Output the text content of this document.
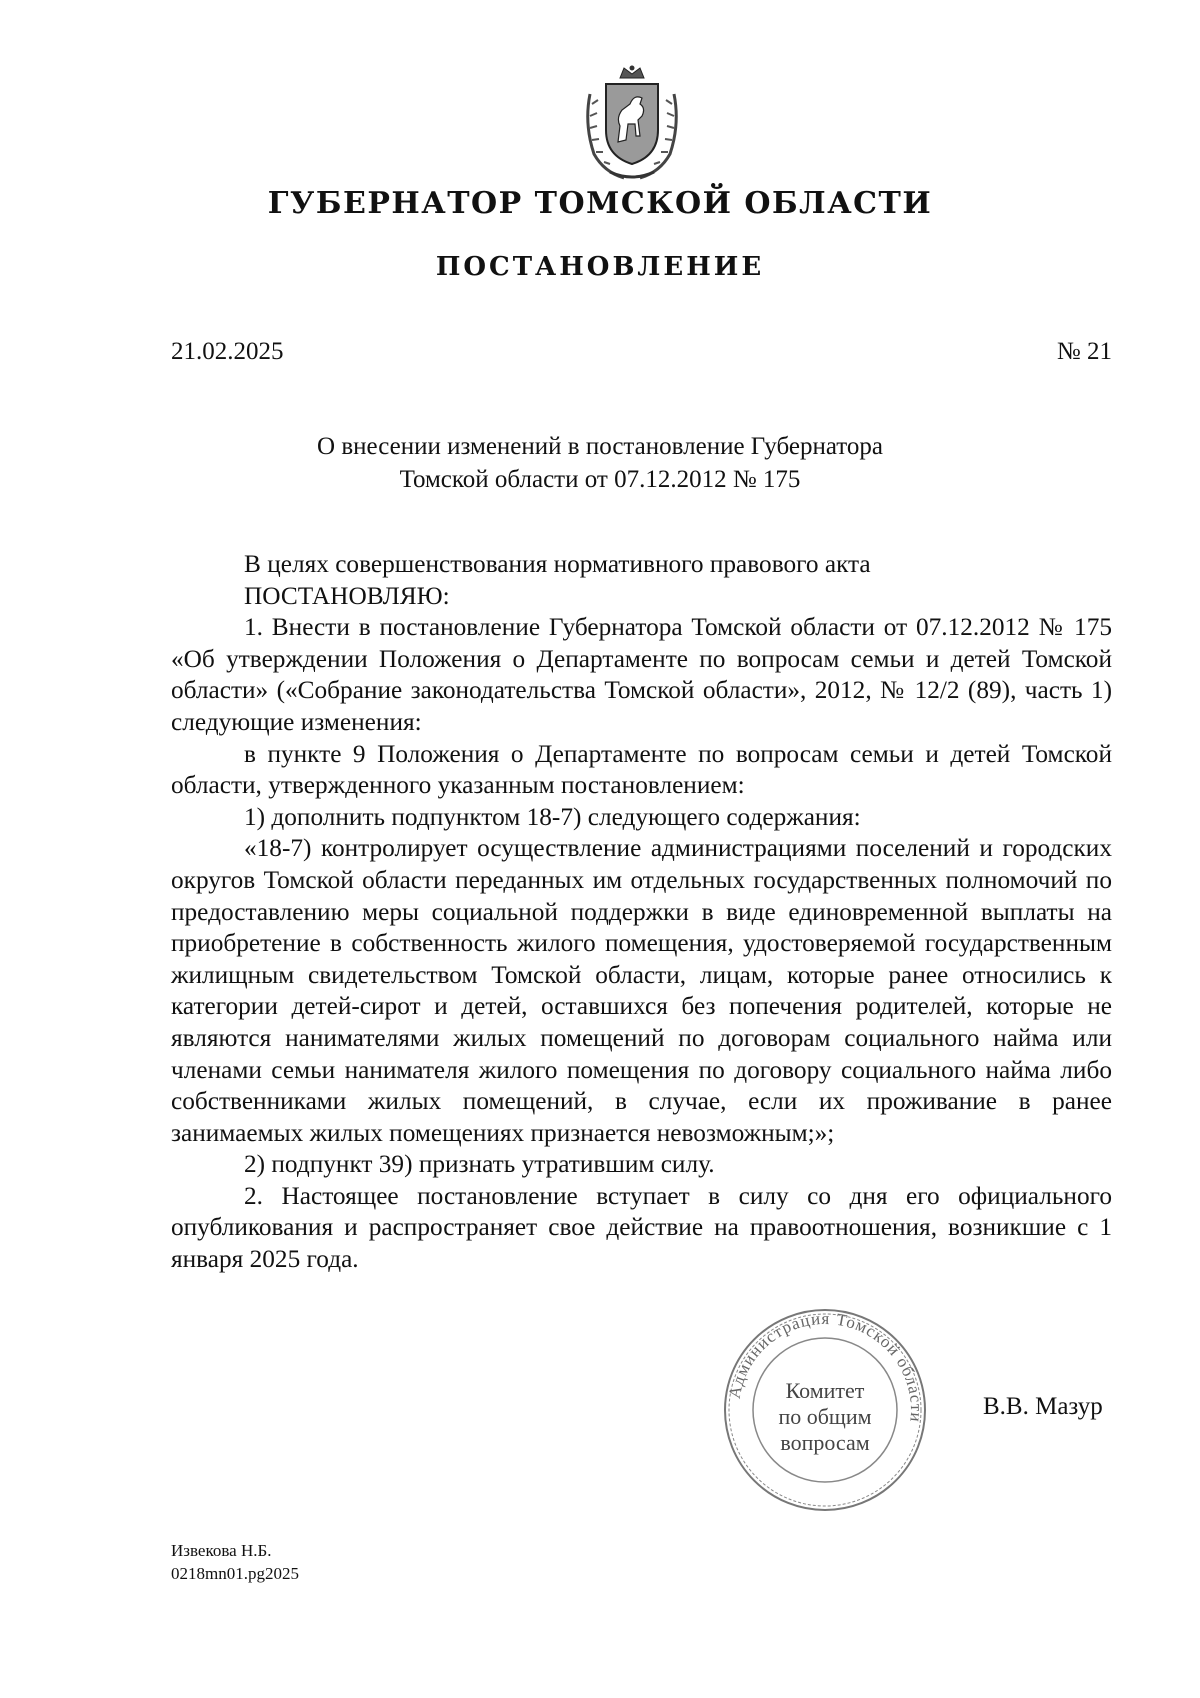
ГУБЕРНАТОР ТОМСКОЙ ОБЛАСТИ
ПОСТАНОВЛЕНИЕ
21.02.2025	№ 21
О внесении изменений в постановление Губернатора
Томской области от 07.12.2012 № 175

В целях совершенствования нормативного правового акта

ПОСТАНОВЛЯЮ:

1. Внести в постановление Губернатора Томской области от 07.12.2012 № 175 «Об утверждении Положения о Департаменте по вопросам семьи и детей Томской области» («Собрание законодательства Томской области», 2012, № 12/2 (89), часть 1) следующие изменения:

в пункте 9 Положения о Департаменте по вопросам семьи и детей Томской области, утвержденного указанным постановлением:

1) дополнить подпунктом 18-7) следующего содержания:

«18-7) контролирует осуществление администрациями поселений и городских округов Томской области переданных им отдельных государственных полномочий по предоставлению меры социальной поддержки в виде единовременной выплаты на приобретение в собственность жилого помещения, удостоверяемой государственным жилищным свидетельством Томской области, лицам, которые ранее относились к категории детей-сирот и детей, оставшихся без попечения родителей, которые не являются нанимателями жилых помещений по договорам социального найма или членами семьи нанимателя жилого помещения по договору социального найма либо собственниками жилых помещений, в случае, если их проживание в ранее занимаемых жилых помещениях признается невозможным;»;

2) подпункт 39) признать утратившим силу.

2. Настоящее постановление вступает в силу со дня его официального опубликования и распространяет свое действие на правоотношения, возникшие с 1 января 2025 года.

Администрация Томской области
Комитет
по общим
вопросам
В.В. Мазур
Извекова Н.Б.
0218mn01.pg2025
